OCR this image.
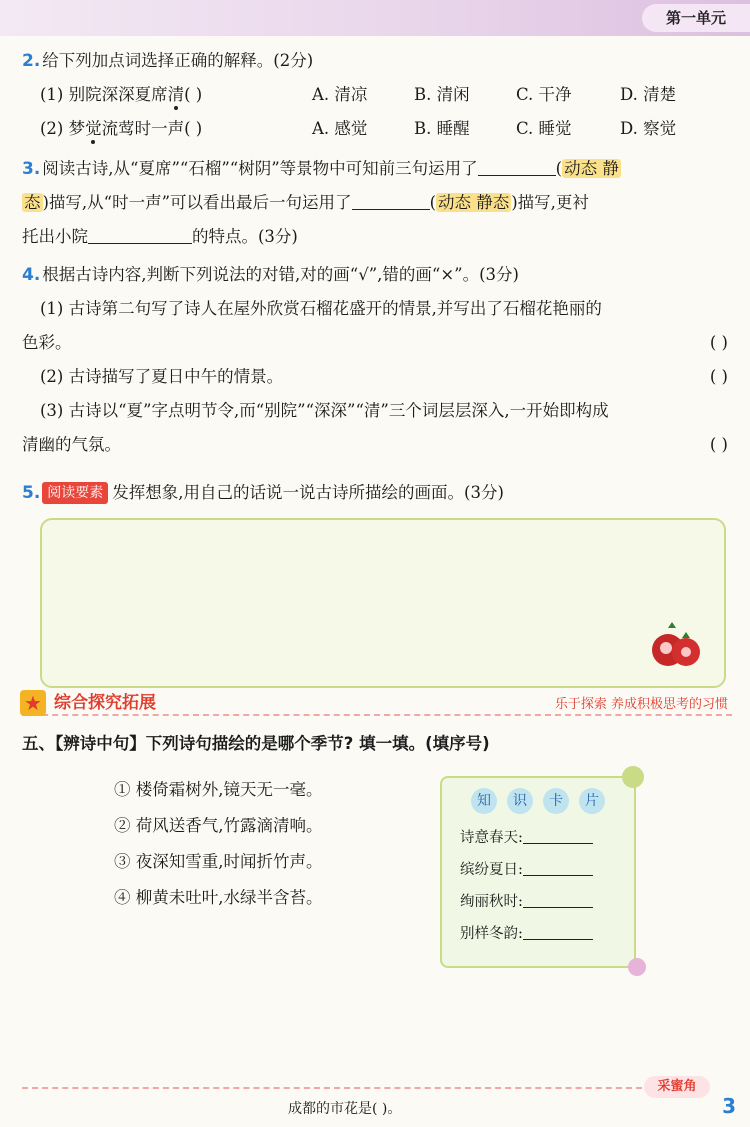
第一单元
2. 给下列加点词选择正确的解释。(2分)
(1) 别院深深夏席清( )	A. 清凉	B. 清闲	C. 干净	D. 清楚
(2) 梦觉流莺时一声( )	A. 感觉	B. 睡醒	C. 睡觉	D. 察觉
3. 阅读古诗,从“夏席”“石榴”“树阴”等景物中可知前三句运用了	( 动态 静
态 )描写,从“时一声”可以看出最后一句运用了	( 动态 静态 )描写,更衬
托出小院	的特点。(3分)
4. 根据古诗内容,判断下列说法的对错,对的画“√”,错的画“×”。(3分)
(1) 古诗第二句写了诗人在屋外欣赏石榴花盛开的情景,并写出了石榴花艳丽的
色彩。	( )
(2) 古诗描写了夏日中午的情景。	( )
(3) 古诗以“夏”字点明节令,而“别院”“深深”“清”三个词层层深入,一开始即构成
清幽的气氛。	( )
5. 阅读要素 发挥想象,用自己的话说一说古诗所描绘的画面。(3分)
★ 综合探究拓展	乐于探索 养成积极思考的习惯
五、【辨诗中句】下列诗句描绘的是哪个季节? 填一填。(填序号)
① 楼倚霜树外,镜天无一毫。
② 荷风送香气,竹露滴清响。
③ 夜深知雪重,时闻折竹声。
④ 柳黄未吐叶,水绿半含苔。
知 识 卡 片
诗意春天:
缤纷夏日:
绚丽秋时:
别样冬韵:
采蜜角
成都的市花是( )。	3
